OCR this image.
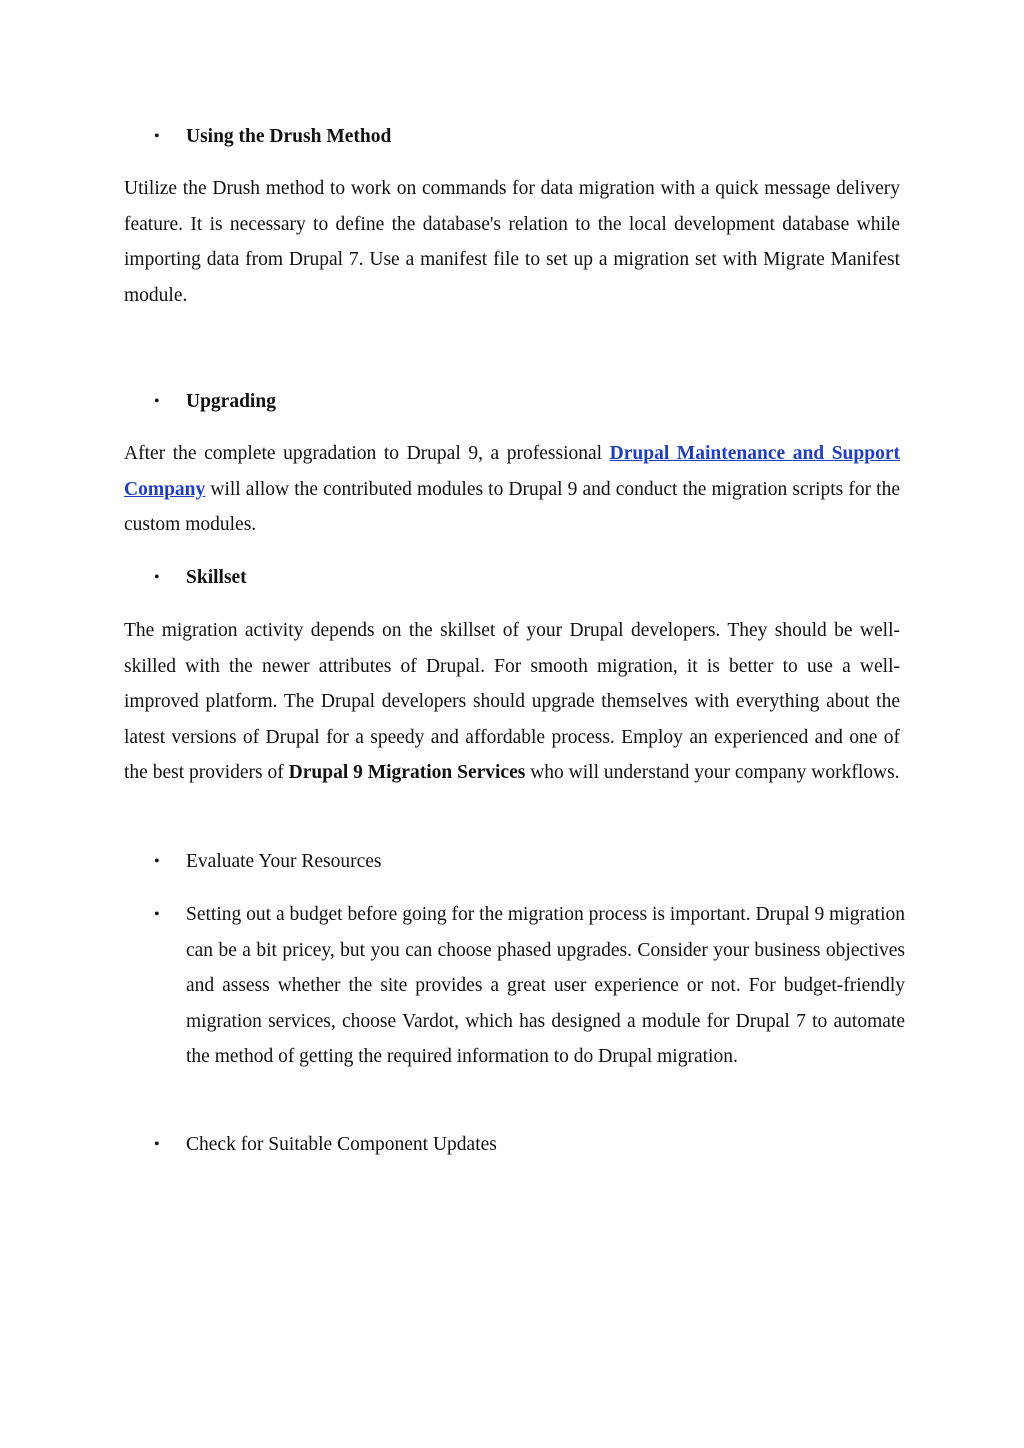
• Using the Drush Method
Utilize the Drush method to work on commands for data migration with a quick message delivery feature. It is necessary to define the database's relation to the local development database while importing data from Drupal 7. Use a manifest file to set up a migration set with Migrate Manifest module.
• Upgrading
After the complete upgradation to Drupal 9, a professional Drupal Maintenance and Support Company will allow the contributed modules to Drupal 9 and conduct the migration scripts for the custom modules.
• Skillset
The migration activity depends on the skillset of your Drupal developers. They should be well-skilled with the newer attributes of Drupal. For smooth migration, it is better to use a well-improved platform. The Drupal developers should upgrade themselves with everything about the latest versions of Drupal for a speedy and affordable process. Employ an experienced and one of the best providers of Drupal 9 Migration Services who will understand your company workflows.
• Evaluate Your Resources
• Setting out a budget before going for the migration process is important. Drupal 9 migration can be a bit pricey, but you can choose phased upgrades. Consider your business objectives and assess whether the site provides a great user experience or not. For budget-friendly migration services, choose Vardot, which has designed a module for Drupal 7 to automate the method of getting the required information to do Drupal migration.
• Check for Suitable Component Updates
